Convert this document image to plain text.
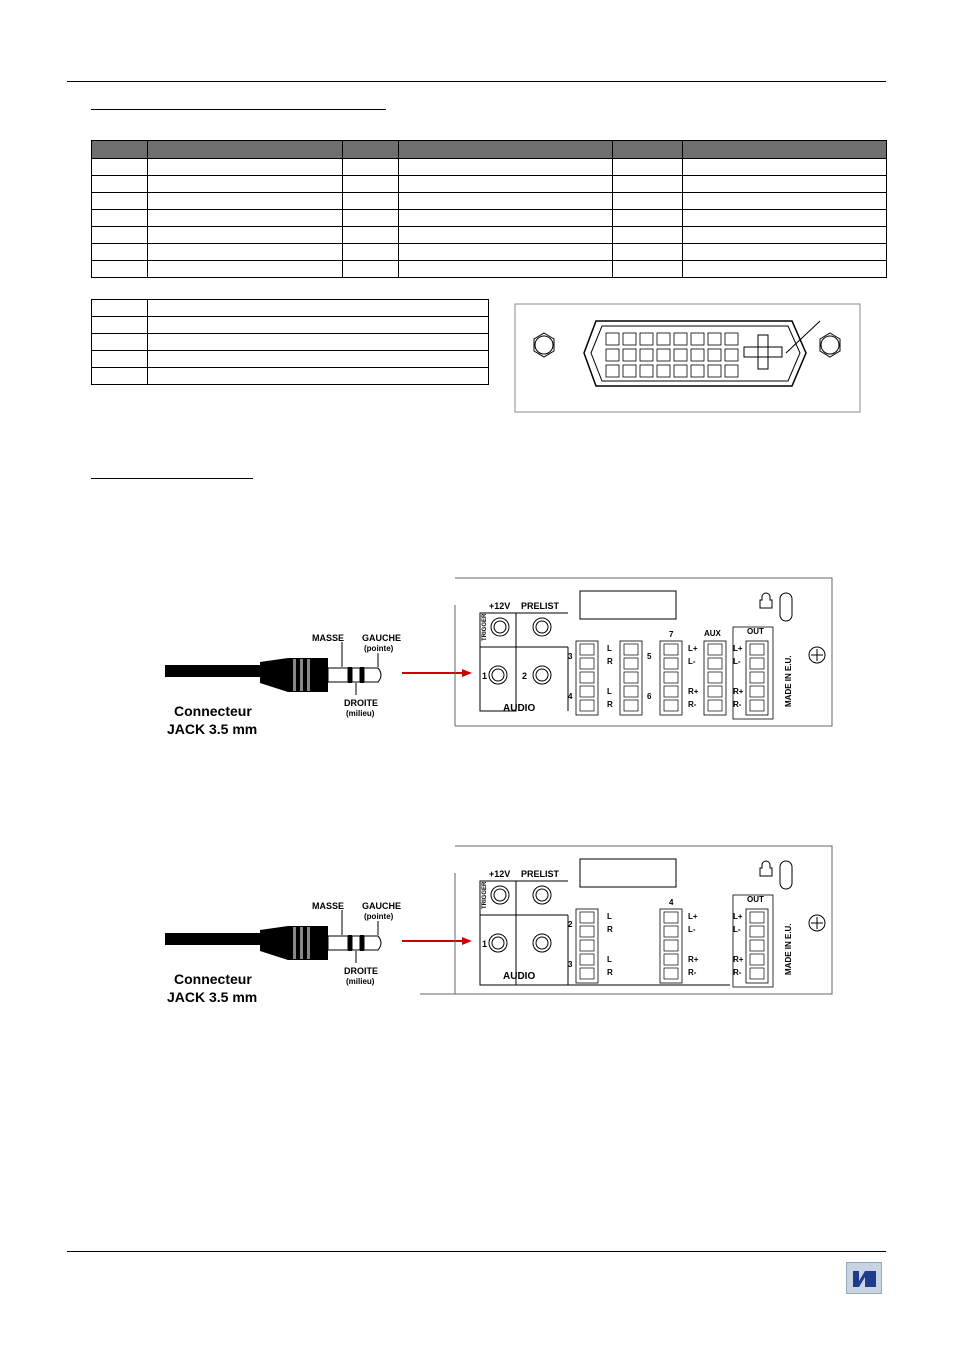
MASSE GAUCHE
(pointe)
DROITE
(milieu)
Connecteur
JACK 3.5 mm
+12V PRELIST
TRIGGER
1	2
AUDIO
3
4
L
R
L
R
5
6
7	AUX	OUT
L+
L-
R+
R-
L+
L-
R+
R-	MADE IN E.U.
MASSE GAUCHE
(pointe)
DROITE
(milieu)
Connecteur
JACK 3.5 mm
+12V PRELIST
TRIGGER
1
AUDIO
2
3
L
R
L
R
4	OUT
L+
L-
R+
R-
L+
L-
R+
R-	MADE IN E.U.
